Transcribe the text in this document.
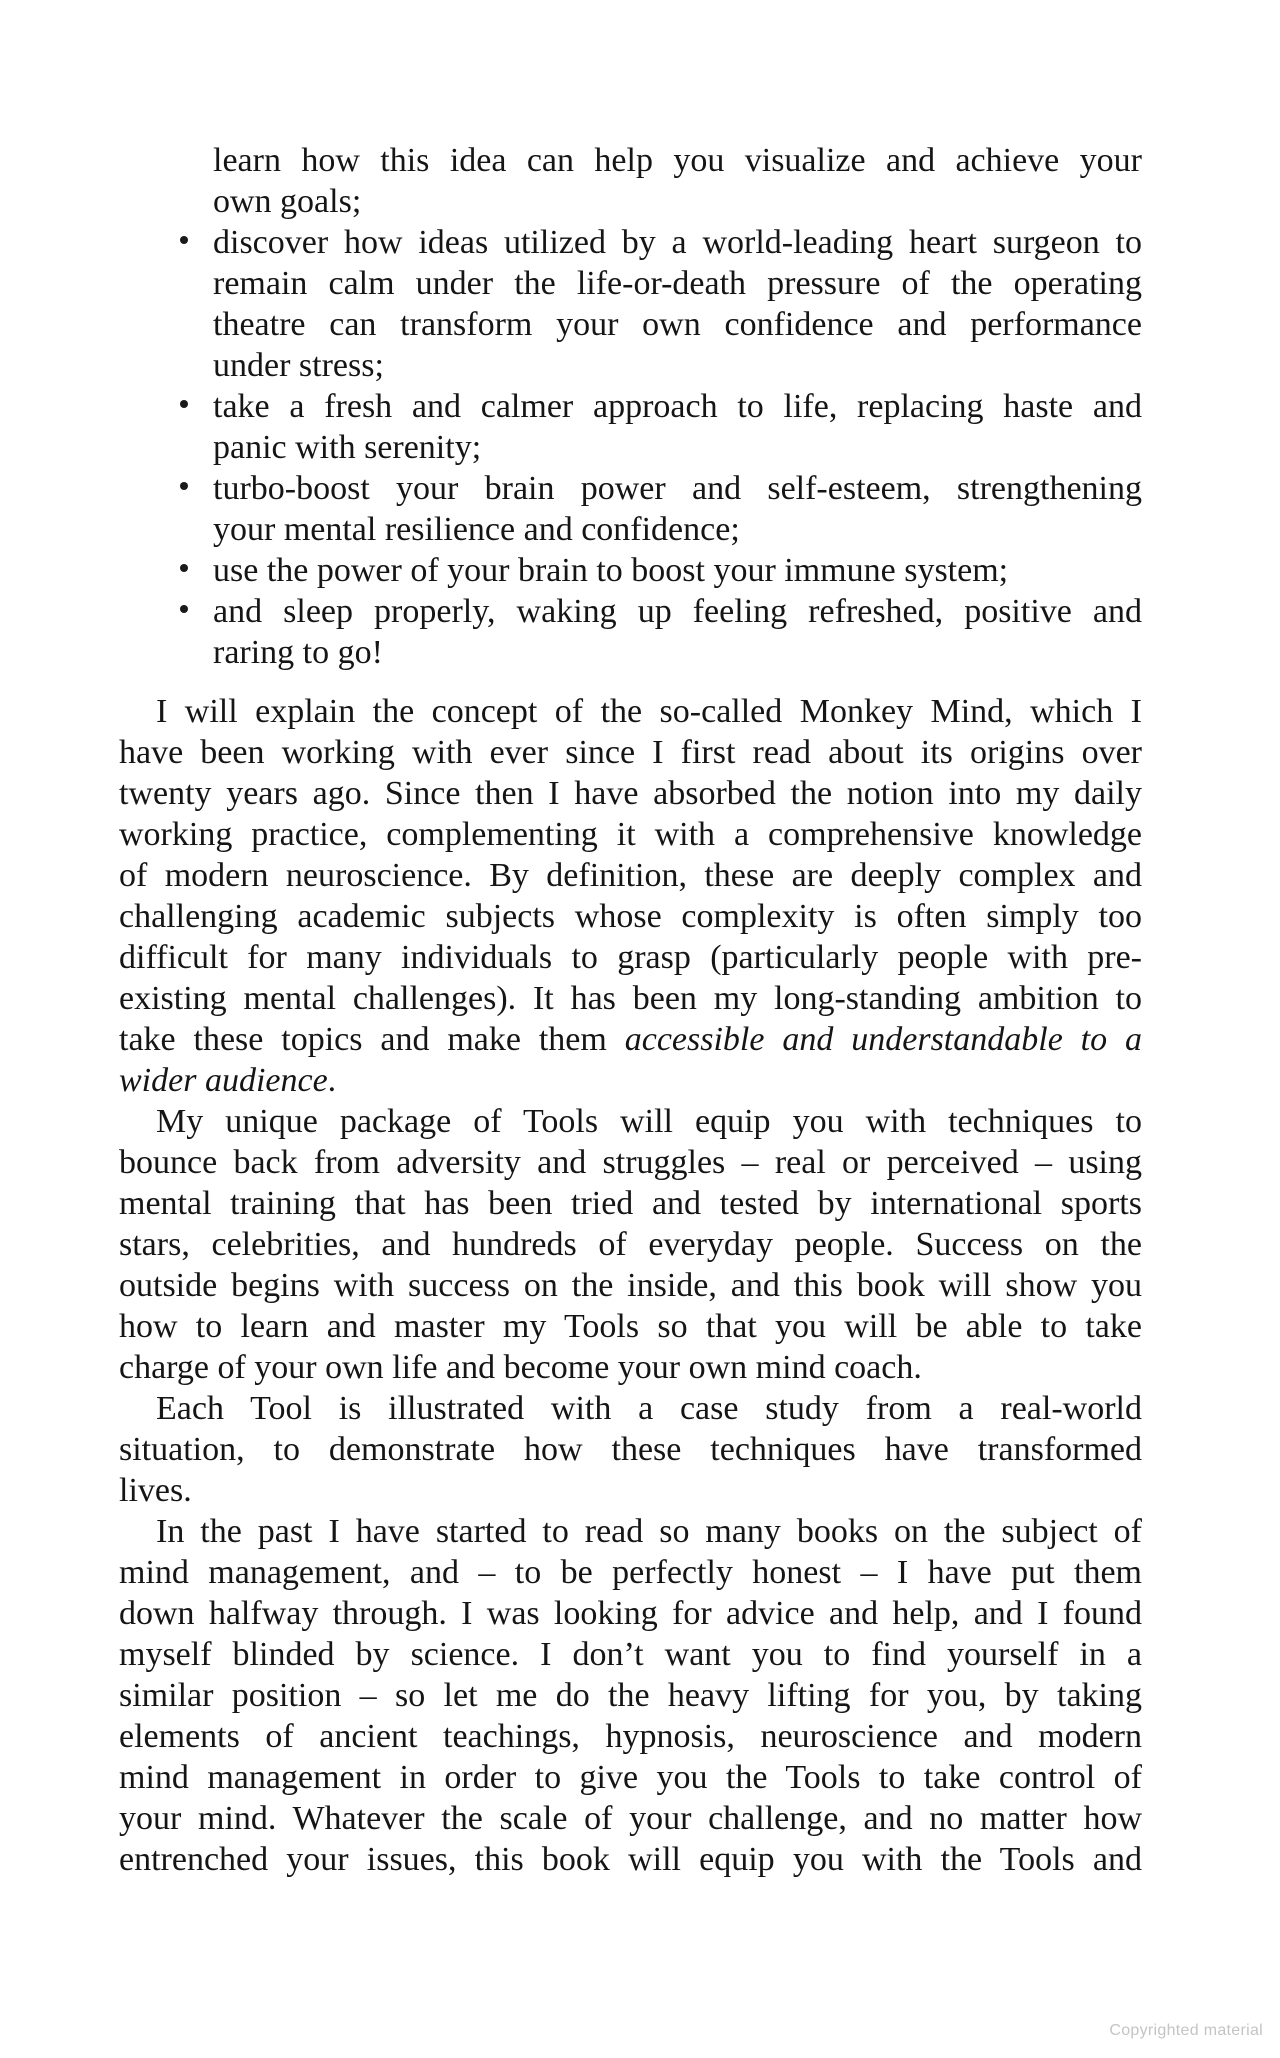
learn how this idea can help you visualize and achieve your
own goals;
discover how ideas utilized by a world-leading heart surgeon to
remain calm under the life-or-death pressure of the operating
theatre can transform your own confidence and performance
under stress;
take a fresh and calmer approach to life, replacing haste and
panic with serenity;
turbo-boost your brain power and self-esteem, strengthening
your mental resilience and confidence;
use the power of your brain to boost your immune system;
and sleep properly, waking up feeling refreshed, positive and
raring to go!
I will explain the concept of the so-called Monkey Mind, which I
have been working with ever since I first read about its origins over
twenty years ago. Since then I have absorbed the notion into my daily
working practice, complementing it with a comprehensive knowledge
of modern neuroscience. By definition, these are deeply complex and
challenging academic subjects whose complexity is often simply too
difficult for many individuals to grasp (particularly people with pre-
existing mental challenges). It has been my long-standing ambition to
take these topics and make them accessible and understandable to a
wider audience.
My unique package of Tools will equip you with techniques to
bounce back from adversity and struggles – real or perceived – using
mental training that has been tried and tested by international sports
stars, celebrities, and hundreds of everyday people. Success on the
outside begins with success on the inside, and this book will show you
how to learn and master my Tools so that you will be able to take
charge of your own life and become your own mind coach.
Each Tool is illustrated with a case study from a real-world
situation, to demonstrate how these techniques have transformed
lives.
In the past I have started to read so many books on the subject of
mind management, and – to be perfectly honest – I have put them
down halfway through. I was looking for advice and help, and I found
myself blinded by science. I don’t want you to find yourself in a
similar position – so let me do the heavy lifting for you, by taking
elements of ancient teachings, hypnosis, neuroscience and modern
mind management in order to give you the Tools to take control of
your mind. Whatever the scale of your challenge, and no matter how
entrenched your issues, this book will equip you with the Tools and
Copyrighted material
